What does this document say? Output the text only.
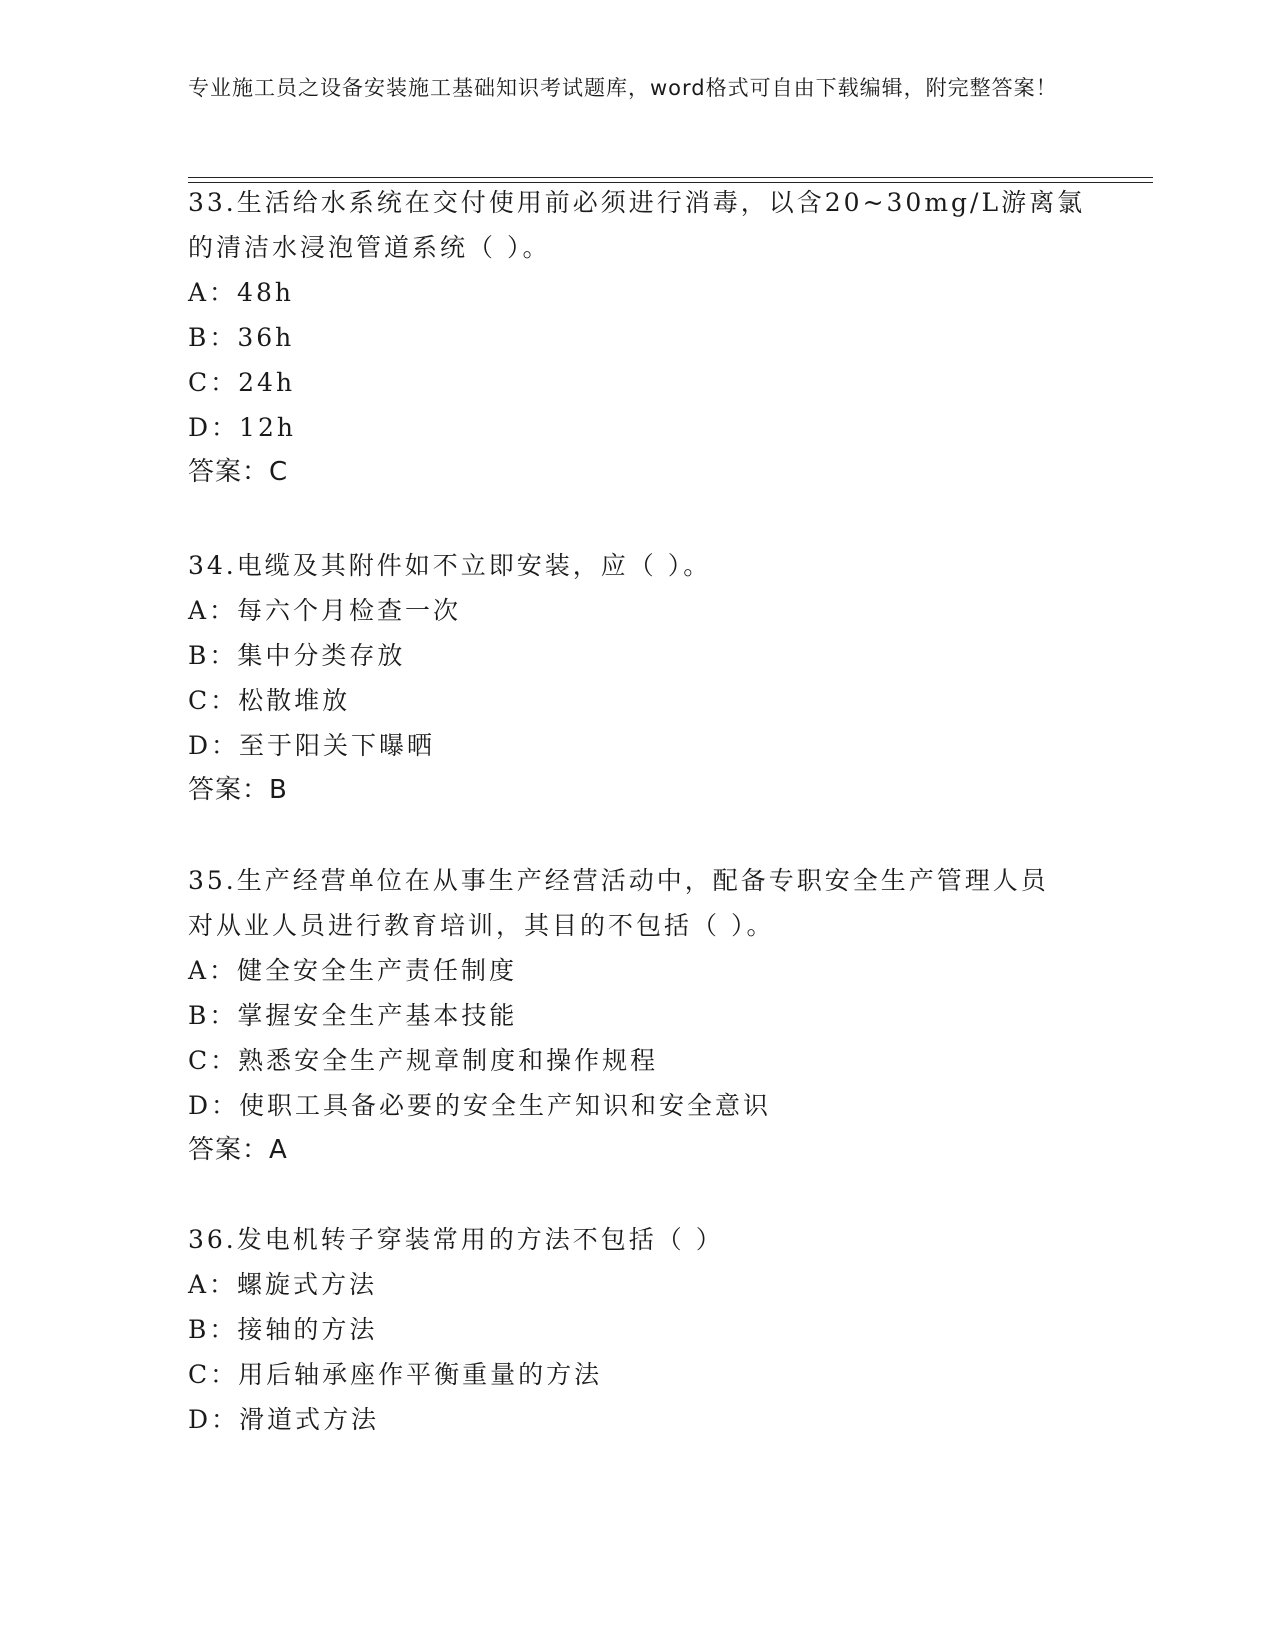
专业施工员之设备安装施工基础知识考试题库，word格式可自由下载编辑，附完整答案！
33.生活给水系统在交付使用前必须进行消毒，以含20~30mg/L游离氯
的清洁水浸泡管道系统（ ）。
A：48h
B：36h
C：24h
D：12h
答案：C
34.电缆及其附件如不立即安装，应（ ）。
A：每六个月检查一次
B：集中分类存放
C：松散堆放
D：至于阳关下曝晒
答案：B
35.生产经营单位在从事生产经营活动中，配备专职安全生产管理人员
对从业人员进行教育培训，其目的不包括（ ）。
A：健全安全生产责任制度
B：掌握安全生产基本技能
C：熟悉安全生产规章制度和操作规程
D：使职工具备必要的安全生产知识和安全意识
答案：A
36.发电机转子穿装常用的方法不包括（ ）
A：螺旋式方法
B：接轴的方法
C：用后轴承座作平衡重量的方法
D：滑道式方法
